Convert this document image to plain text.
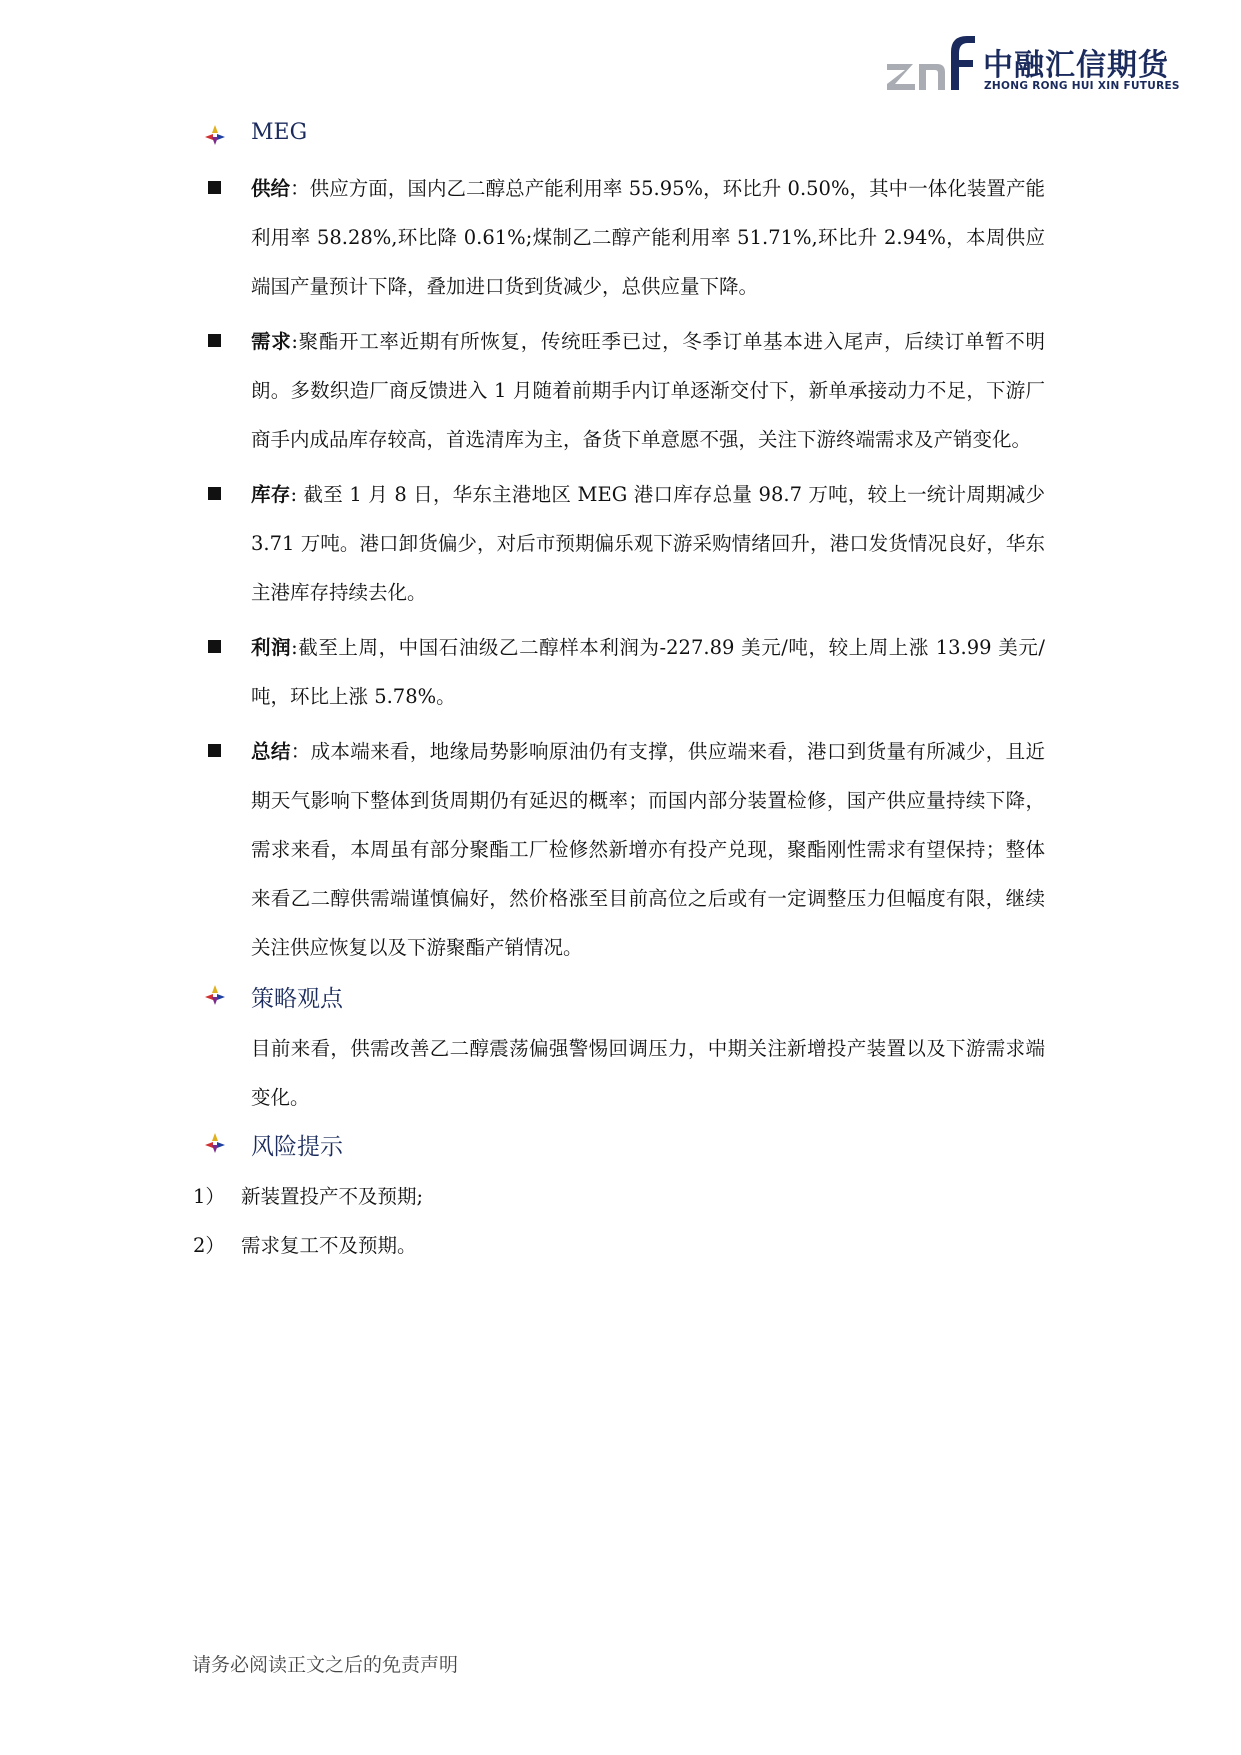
中融汇信期货
ZHONG RONG HUI XIN FUTURES
MEG
供给：供应方面，国内乙二醇总产能利用率 55.95%，环比升 0.50%，其中一体化装置产能利用率 58.28%,环比降 0.61%;煤制乙二醇产能利用率 51.71%,环比升 2.94%，本周供应端国产量预计下降，叠加进口货到货减少，总供应量下降。
需求:聚酯开工率近期有所恢复，传统旺季已过，冬季订单基本进入尾声，后续订单暂不明朗。多数织造厂商反馈进入 1 月随着前期手内订单逐渐交付下，新单承接动力不足，下游厂商手内成品库存较高，首选清库为主，备货下单意愿不强，关注下游终端需求及产销变化。
库存: 截至 1 月 8 日，华东主港地区 MEG 港口库存总量 98.7 万吨，较上一统计周期减少 3.71 万吨。港口卸货偏少，对后市预期偏乐观下游采购情绪回升，港口发货情况良好，华东主港库存持续去化。
利润:截至上周，中国石油级乙二醇样本利润为-227.89 美元/吨，较上周上涨 13.99 美元/吨，环比上涨 5.78%。
总结：成本端来看，地缘局势影响原油仍有支撑，供应端来看，港口到货量有所减少，且近期天气影响下整体到货周期仍有延迟的概率；而国内部分装置检修，国产供应量持续下降，需求来看，本周虽有部分聚酯工厂检修然新增亦有投产兑现，聚酯刚性需求有望保持；整体来看乙二醇供需端谨慎偏好，然价格涨至目前高位之后或有一定调整压力但幅度有限，继续关注供应恢复以及下游聚酯产销情况。
策略观点
目前来看，供需改善乙二醇震荡偏强警惕回调压力，中期关注新增投产装置以及下游需求端变化。
风险提示
1） 新装置投产不及预期;
2） 需求复工不及预期。
请务必阅读正文之后的免责声明
